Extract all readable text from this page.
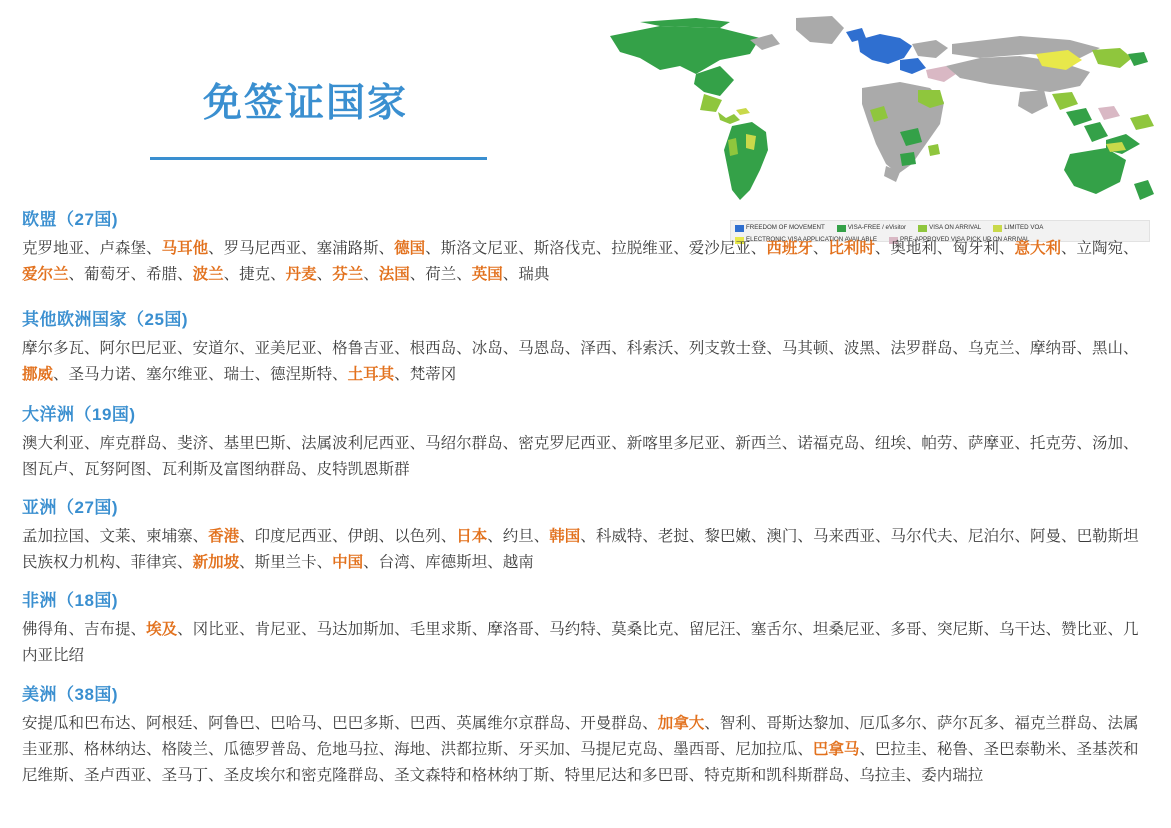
免签证国家
FREEDOM OF MOVEMENT	VISA-FREE / eVisitor	VISA ON ARRIVAL	LIMITED VOA
ELECTRONIC VISA APPLICATION AVAILABLE	PRE-APPROVED VISA PICK UP ON ARRIVAL
欧盟（27国)
克罗地亚、卢森堡、马耳他、罗马尼西亚、塞浦路斯、德国、斯洛文尼亚、斯洛伐克、拉脱维亚、爱沙尼亚、西班牙、比利时、奥地利、匈牙利、意大利、立陶宛、爱尔兰、葡萄牙、希腊、波兰、捷克、丹麦、芬兰、法国、荷兰、英国、瑞典
其他欧洲国家（25国)
摩尔多瓦、阿尔巴尼亚、安道尔、亚美尼亚、格鲁吉亚、根西岛、冰岛、马恩岛、泽西、科索沃、列支敦士登、马其顿、波黑、法罗群岛、乌克兰、摩纳哥、黑山、挪威、圣马力诺、塞尔维亚、瑞士、德涅斯特、土耳其、梵蒂冈
大洋洲（19国)
澳大利亚、库克群岛、斐济、基里巴斯、法属波利尼西亚、马绍尔群岛、密克罗尼西亚、新喀里多尼亚、新西兰、诺福克岛、纽埃、帕劳、萨摩亚、托克劳、汤加、图瓦卢、瓦努阿图、瓦利斯及富图纳群岛、皮特凯恩斯群
亚洲（27国)
孟加拉国、文莱、柬埔寨、香港、印度尼西亚、伊朗、以色列、日本、约旦、韩国、科威特、老挝、黎巴嫩、澳门、马来西亚、马尔代夫、尼泊尔、阿曼、巴勒斯坦民族权力机构、菲律宾、新加坡、斯里兰卡、中国、台湾、库德斯坦、越南
非洲（18国)
佛得角、吉布提、埃及、冈比亚、肯尼亚、马达加斯加、毛里求斯、摩洛哥、马约特、莫桑比克、留尼汪、塞舌尔、坦桑尼亚、多哥、突尼斯、乌干达、赞比亚、几内亚比绍
美洲（38国)
安提瓜和巴布达、阿根廷、阿鲁巴、巴哈马、巴巴多斯、巴西、英属维尔京群岛、开曼群岛、加拿大、智利、哥斯达黎加、厄瓜多尔、萨尔瓦多、福克兰群岛、法属圭亚那、格林纳达、格陵兰、瓜德罗普岛、危地马拉、海地、洪都拉斯、牙买加、马提尼克岛、墨西哥、尼加拉瓜、巴拿马、巴拉圭、秘鲁、圣巴泰勒米、圣基茨和尼维斯、圣卢西亚、圣马丁、圣皮埃尔和密克隆群岛、圣文森特和格林纳丁斯、特里尼达和多巴哥、特克斯和凯科斯群岛、乌拉圭、委内瑞拉
